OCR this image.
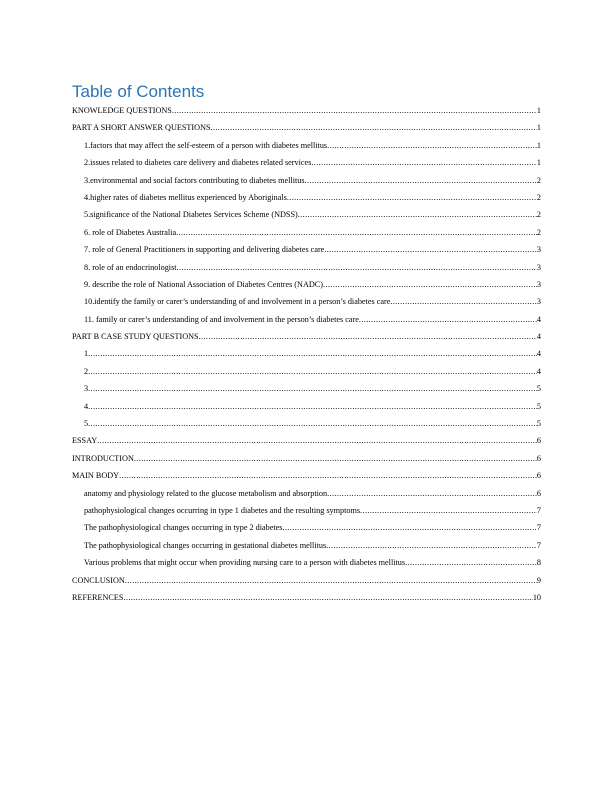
Table of Contents
KNOWLEDGE QUESTIONS .....	1
PART A SHORT ANSWER QUESTIONS .....	1
1.factors that may affect the self-esteem of a person with diabetes mellitus .....	1
2.issues related to diabetes care delivery and diabetes related services .....	1
3.environmental and social factors contributing to diabetes mellitus .....	2
4.higher rates of diabetes mellitus experienced by Aboriginals .....	2
5.significance of the National Diabetes Services Scheme (NDSS) .....	2
6. role of Diabetes Australia .....	2
7. role of General Practitioners in supporting and delivering diabetes care .....	3
8. role of an endocrinologist .....	3
9. describe the role of National Association of Diabetes Centres (NADC) .....	3
10.identify the family or carer’s understanding of and involvement in a person’s diabetes care .....	3
11. family or carer’s understanding of and involvement in the person’s diabetes care .....	4
PART B CASE STUDY QUESTIONS .....	4
1 .....	4
2 .....	4
3 .....	5
4 .....	5
5 .....	5
ESSAY .....	6
INTRODUCTION .....	6
MAIN BODY .....	6
anatomy and physiology related to the glucose metabolism and absorption .....	6
pathophysiological changes occurring in type 1 diabetes and the resulting symptoms .....	7
The pathophysiological changes occurring in type 2 diabetes .....	7
The pathophysiological changes occurring in gestational diabetes mellitus .....	7
Various problems that might occur when providing nursing care to a person with diabetes mellitus .....	8
CONCLUSION .....	9
REFERENCES .....	10
